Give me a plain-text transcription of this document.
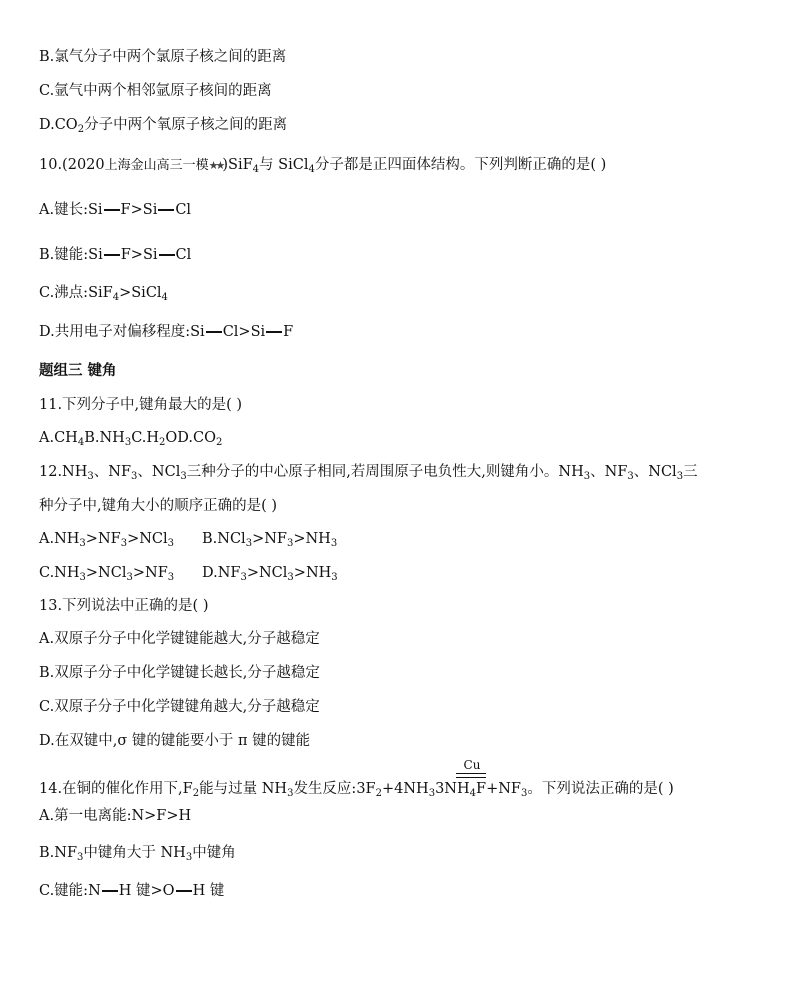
B.氯气分子中两个氯原子核之间的距离
C.氩气中两个相邻氩原子核间的距离
$D.CO_2$分子中两个氧原子核之间的距离
10.(2020上海金山高三一模★★)SiF$_4$与 SiCl$_4$分子都是正四面体结构。下列判断正确的是( )
A.键长:Si F>Si Cl
B.键能:Si F>Si Cl
C.沸点:SiF$_4$>SiCl$_4$
D.共用电子对偏移程度:Si Cl>Si F
题组三 键角
11.下列分子中,键角最大的是( )
$A.CH_4B.NH_3C.H_2OD.CO_2$
$12.NH_3$、$NF_3$、NCl$_3$三种分子的中心原子相同,若周围原子电负性大,则键角小。$NH_3$、$NF_3$、NCl$_3$三
种分子中,键角大小的顺序正确的是( )
$A.NH_3>NF_3>NCl_3$ $B.NCl_3>NF_3>NH_3$
$C.NH_3>NCl_3>NF_3$ $D.NF_3>NCl_3>NH_3$
13.下列说法中正确的是( )
A.双原子分子中化学键键能越大,分子越稳定
B.双原子分子中化学键键长越长,分子越稳定
C.双原子分子中化学键键角越大,分子越稳定
D.在双键中,σ 键的键能要小于 π 键的键能
Cu
14.在铜的催化作用下$,F_2$能与过量 $NH_3$发生反应$:3F_2+4NH_33NH_4F+NF_3$。下列说法正确的是( )
A.第一电离能:N>F>H
$B.NF_3$中键角大于 $NH_3$中键角
C.键能:N H 键>O H 键
